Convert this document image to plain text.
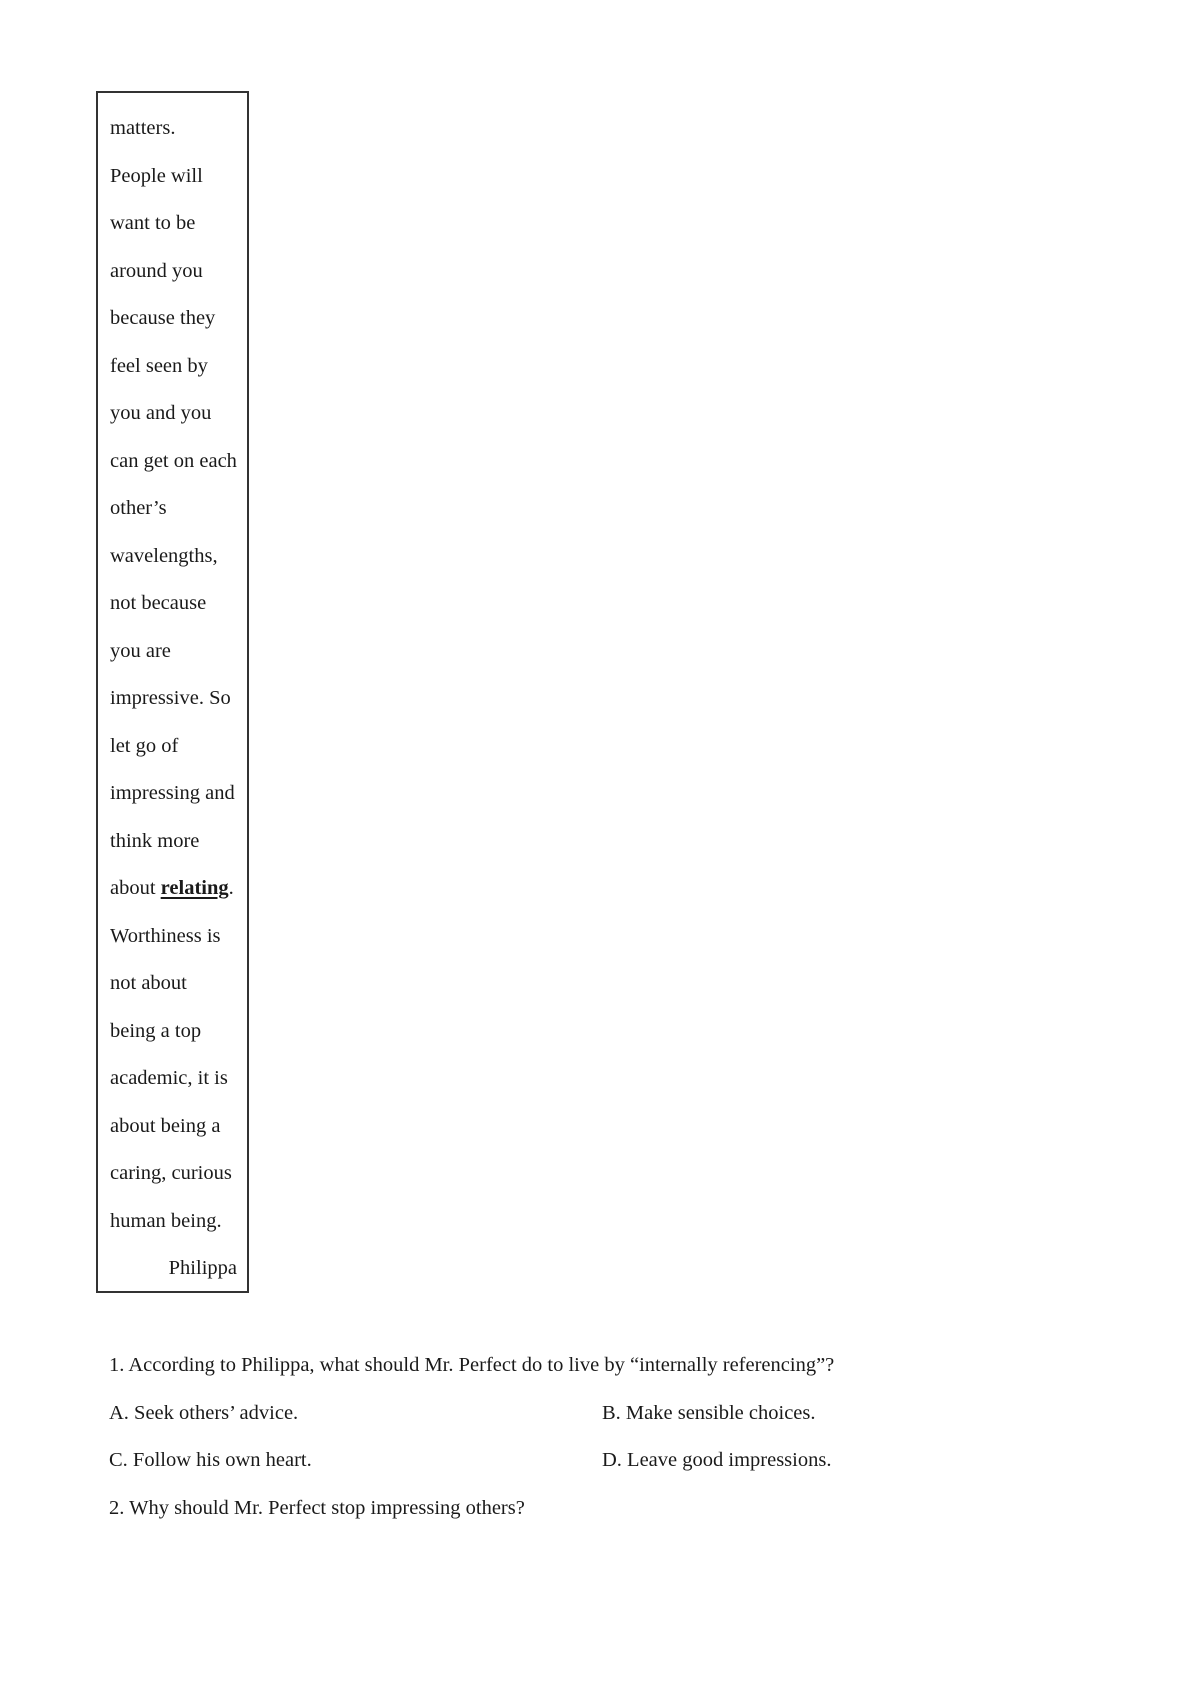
matters.
People will
want to be
around you
because they
feel seen by
you and you
can get on each
other’s
wavelengths,
not because
you are
impressive. So
let go of
impressing and
think more
about relating.
Worthiness is
not about
being a top
academic, it is
about being a
caring, curious
human being.
Philippa
1. According to Philippa, what should Mr. Perfect do to live by “internally referencing”?
A. Seek others’ advice.	B. Make sensible choices.
C. Follow his own heart.	D. Leave good impressions.
2. Why should Mr. Perfect stop impressing others?
